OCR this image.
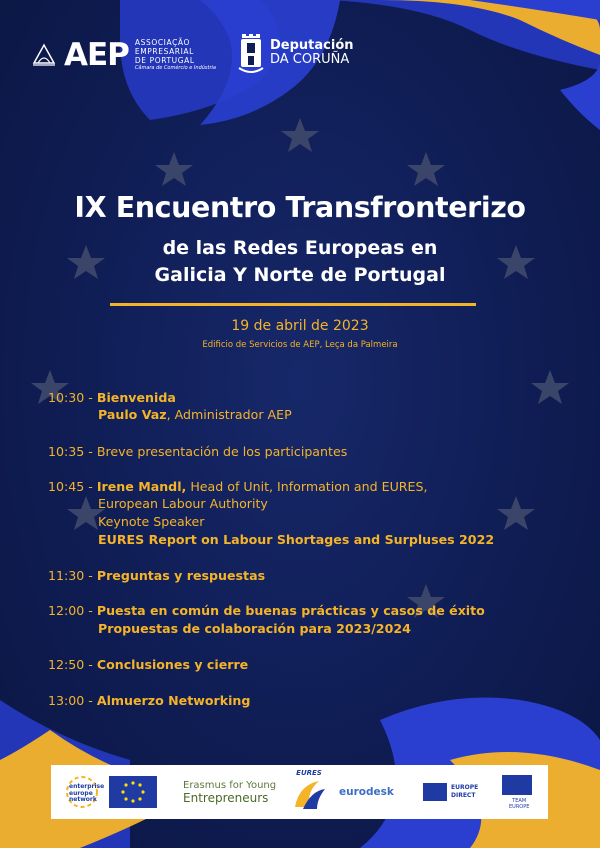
AEP ASSOCIAÇÃO
EMPRESARIAL
DE PORTUGAL
Câmara de Comércio e Indústria
Deputación
DA CORUÑA
IX Encuentro Transfronterizo
de las Redes Europeas en
Galicia Y Norte de Portugal
19 de abril de 2023
Edificio de Servicios de AEP, Leça da Palmeira
10:30 - Bienvenida
Paulo Vaz, Administrador AEP
10:35 - Breve presentación de los participantes
10:45 - Irene Mandl, Head of Unit, Information and EURES,
European Labour Authority
Keynote Speaker
EURES Report on Labour Shortages and Surpluses 2022
11:30 - Preguntas y respuestas
12:00 - Puesta en común de buenas prácticas y casos de éxito
Propuestas de colaboración para 2023/2024
12:50 - Conclusiones y cierre
13:00 - Almuerzo Networking
enterprise
europe
network
Erasmus for Young
Entrepreneurs
EURES
eurodesk	EUROPE
DIRECT
TEAM
EUROPE
